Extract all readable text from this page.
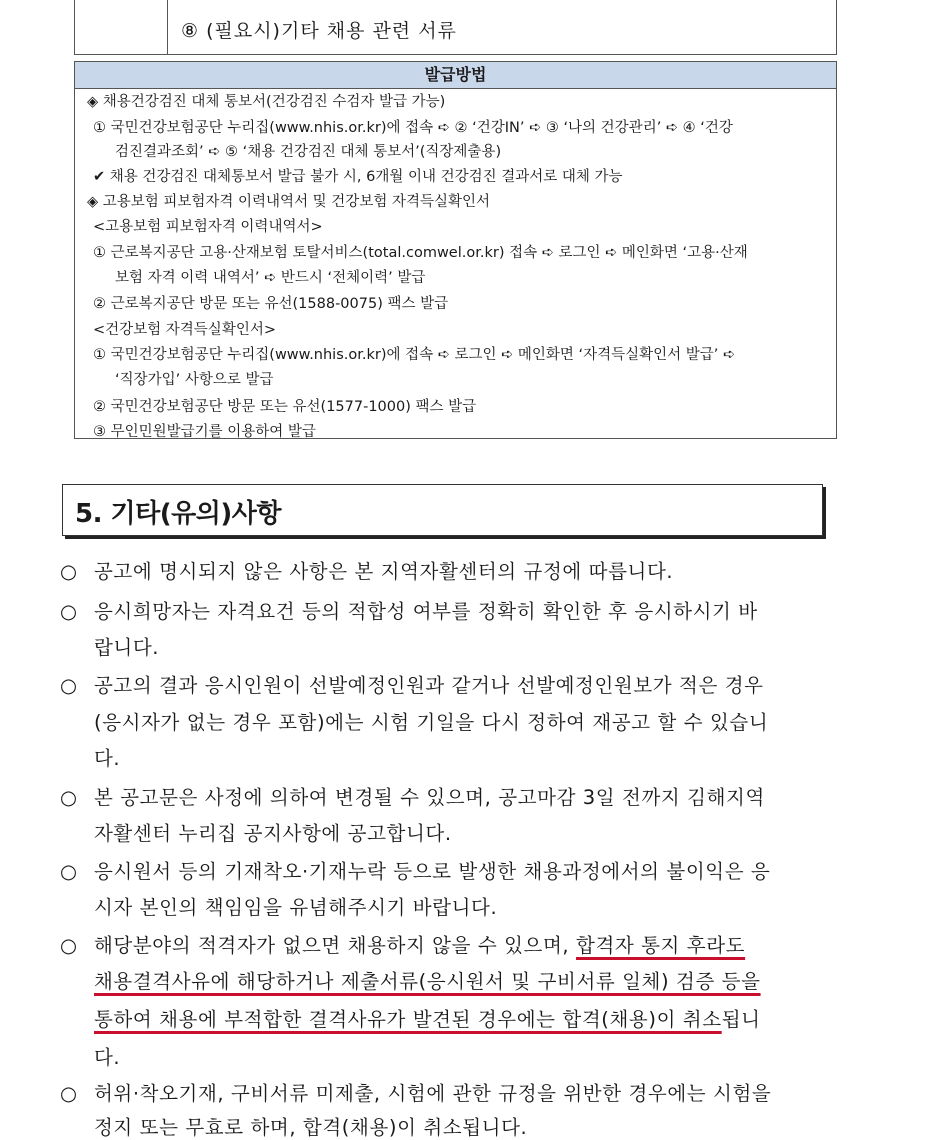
⑧ (필요시)기타 채용 관련 서류
발급방법
◈ 채용건강검진 대체 통보서(건강검진 수검자 발급 가능)
① 국민건강보험공단 누리집(www.nhis.or.kr)에 접속 ➪ ② ‘건강IN’ ➪ ③ ‘나의 건강관리’ ➪ ④ ‘건강
검진결과조회’ ➪ ⑤ ‘채용 건강검진 대체 통보서’(직장제출용)
✔ 채용 건강검진 대체통보서 발급 불가 시, 6개월 이내 건강검진 결과서로 대체 가능
◈ 고용보험 피보험자격 이력내역서 및 건강보험 자격득실확인서
<고용보험 피보험자격 이력내역서>
① 근로복지공단 고용·산재보험 토탈서비스(total.comwel.or.kr) 접속 ➪ 로그인 ➪ 메인화면 ‘고용·산재
보험 자격 이력 내역서’ ➪ 반드시 ‘전체이력’ 발급
② 근로복지공단 방문 또는 유선(1588-0075) 팩스 발급
<건강보험 자격득실확인서>
① 국민건강보험공단 누리집(www.nhis.or.kr)에 접속 ➪ 로그인 ➪ 메인화면 ‘자격득실확인서 발급’ ➪
‘직장가입’ 사항으로 발급
② 국민건강보험공단 방문 또는 유선(1577-1000) 팩스 발급
③ 무인민원발급기를 이용하여 발급
5. 기타(유의)사항
○ 공고에 명시되지 않은 사항은 본 지역자활센터의 규정에 따릅니다.
○ 응시희망자는 자격요건 등의 적합성 여부를 정확히 확인한 후 응시하시기 바
랍니다.
○ 공고의 결과 응시인원이 선발예정인원과 같거나 선발예정인원보가 적은 경우
(응시자가 없는 경우 포함)에는 시험 기일을 다시 정하여 재공고 할 수 있습니
다.
○ 본 공고문은 사정에 의하여 변경될 수 있으며, 공고마감 3일 전까지 김해지역
자활센터 누리집 공지사항에 공고합니다.
○ 응시원서 등의 기재착오·기재누락 등으로 발생한 채용과정에서의 불이익은 응
시자 본인의 책임임을 유념해주시기 바랍니다.
○ 해당분야의 적격자가 없으면 채용하지 않을 수 있으며, 합격자 통지 후라도
채용결격사유에 해당하거나 제출서류(응시원서 및 구비서류 일체) 검증 등을
통하여 채용에 부적합한 결격사유가 발견된 경우에는 합격(채용)이 취소됩니
다.
○ 허위·착오기재, 구비서류 미제출, 시험에 관한 규정을 위반한 경우에는 시험을
정지 또는 무효로 하며, 합격(채용)이 취소됩니다.
